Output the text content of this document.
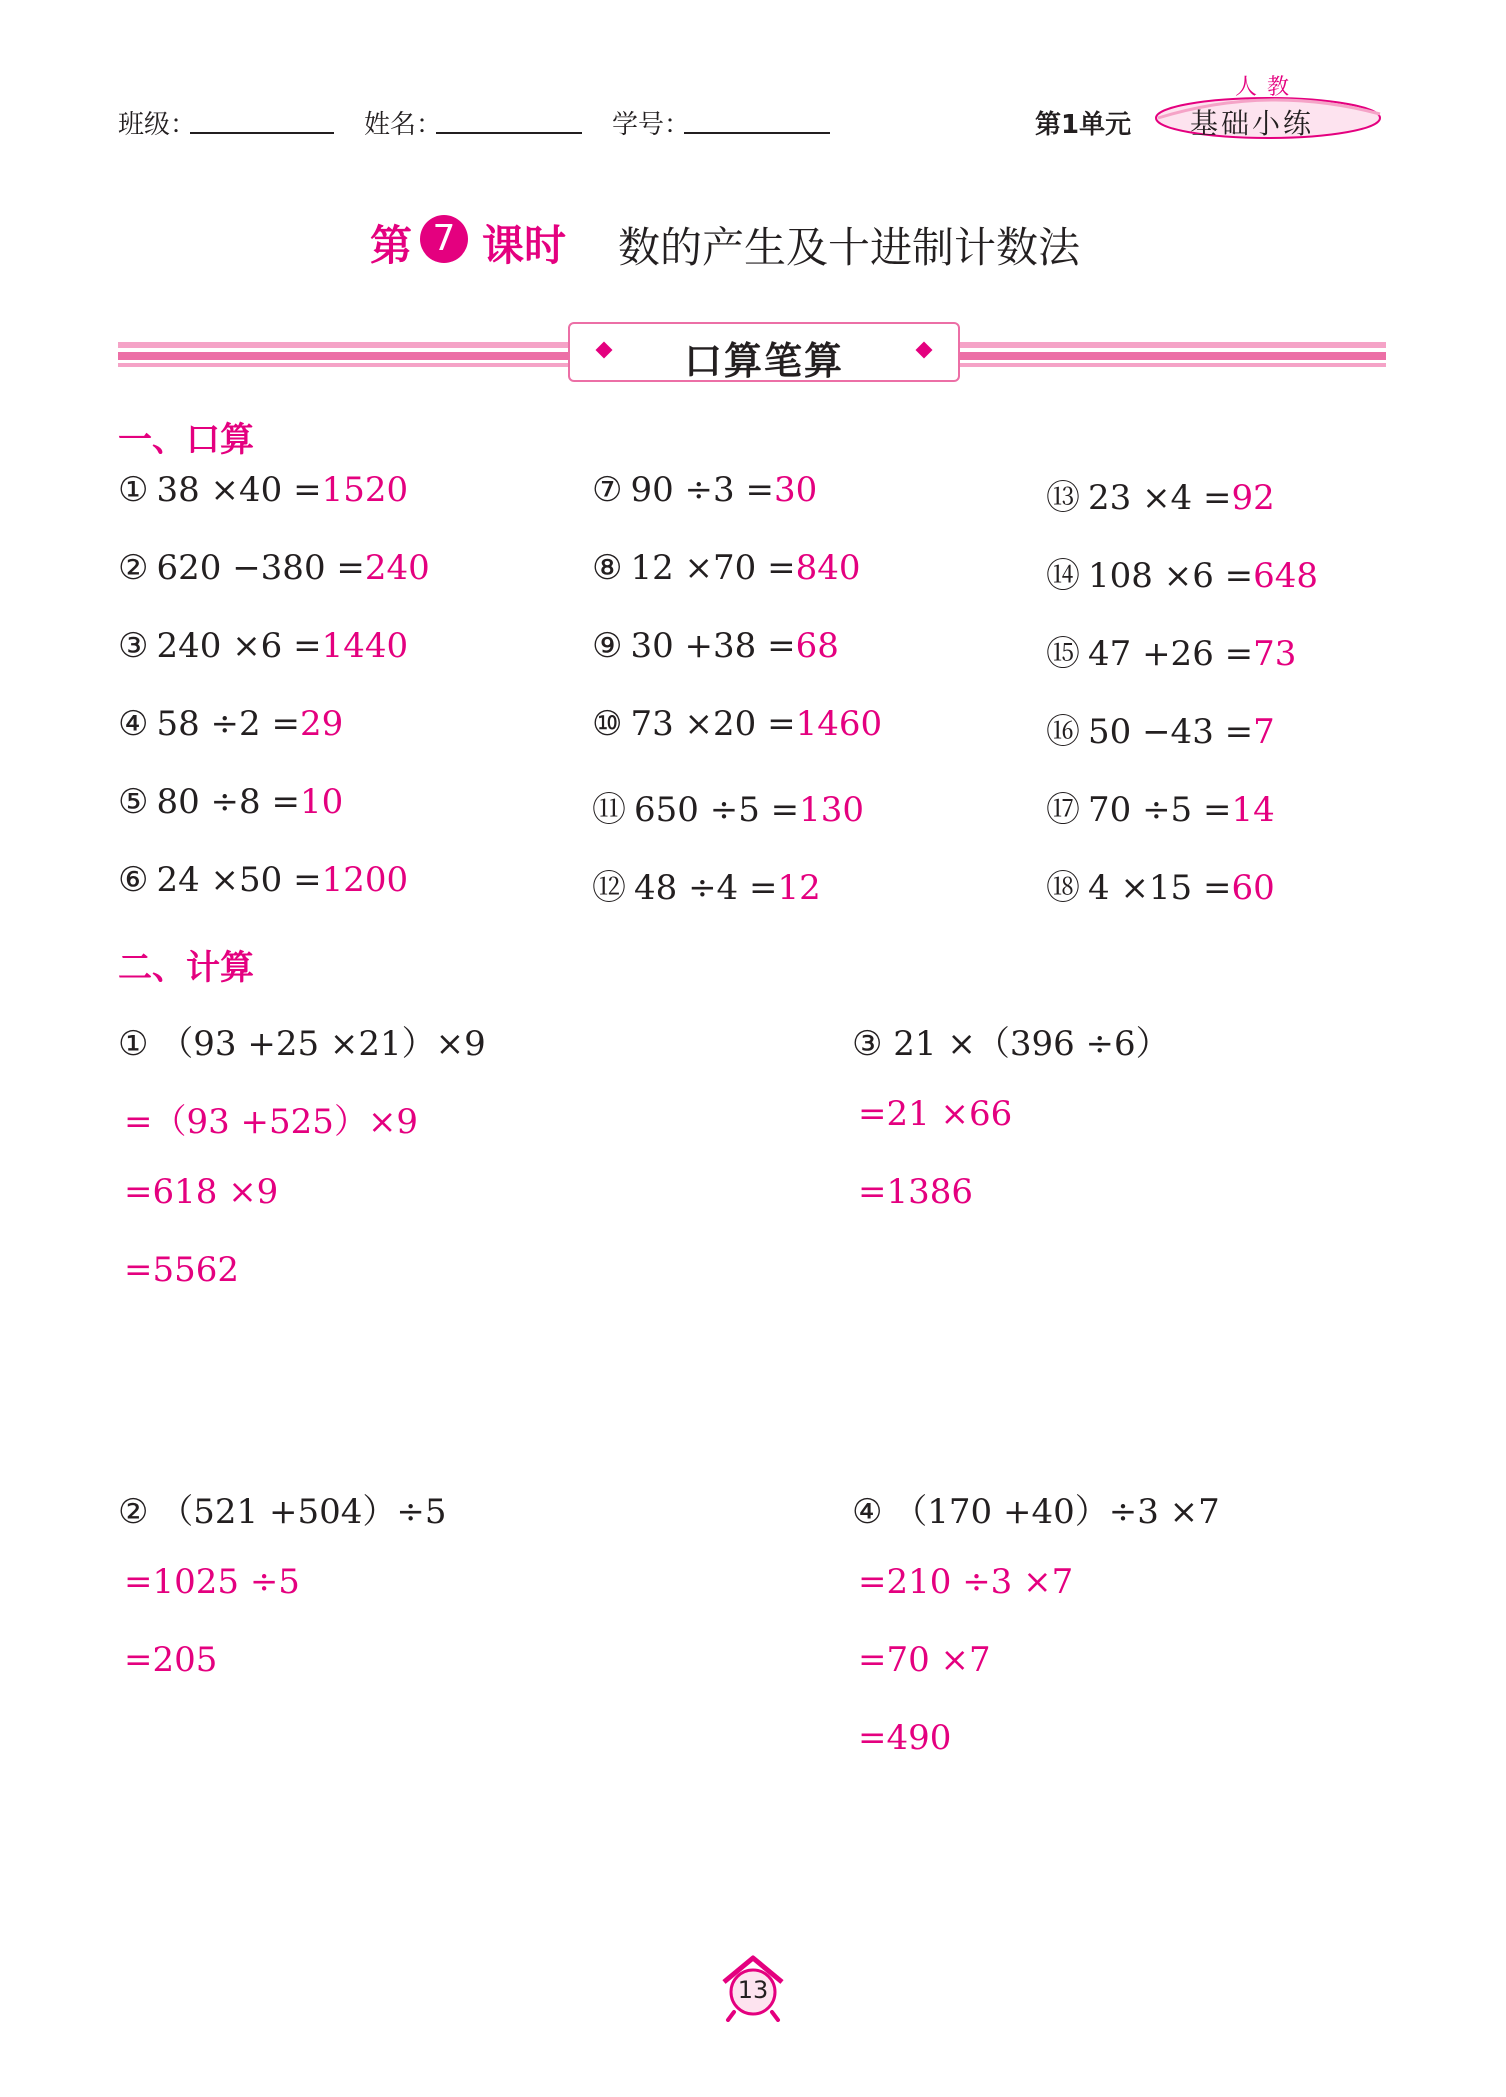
班级：	姓名：	学号：	第1单元
人教
基础小练
第 7 课时 数的产生及十进制计数法
口算笔算
一、口算
① 38 ×40 =1520
② 620 −380 =240
③ 240 ×6 =1440
④ 58 ÷2 =29
⑤ 80 ÷8 =10
⑥ 24 ×50 =1200
⑦ 90 ÷3 =30
⑧ 12 ×70 =840
⑨ 30 +38 =68
⑩ 73 ×20 =1460
⑪ 650 ÷5 =130
⑫ 48 ÷4 =12
⑬ 23 ×4 =92
⑭ 108 ×6 =648
⑮ 47 +26 =73
⑯ 50 −43 =7
⑰ 70 ÷5 =14
⑱ 4 ×15 =60
二、计算
① （93 +25 ×21）×9
=（93 +525）×9
=618 ×9
=5562
② （521 +504）÷5
=1025 ÷5
=205
③ 21 ×（396 ÷6）
=21 ×66
=1386
④ （170 +40）÷3 ×7
=210 ÷3 ×7
=70 ×7
=490
13
